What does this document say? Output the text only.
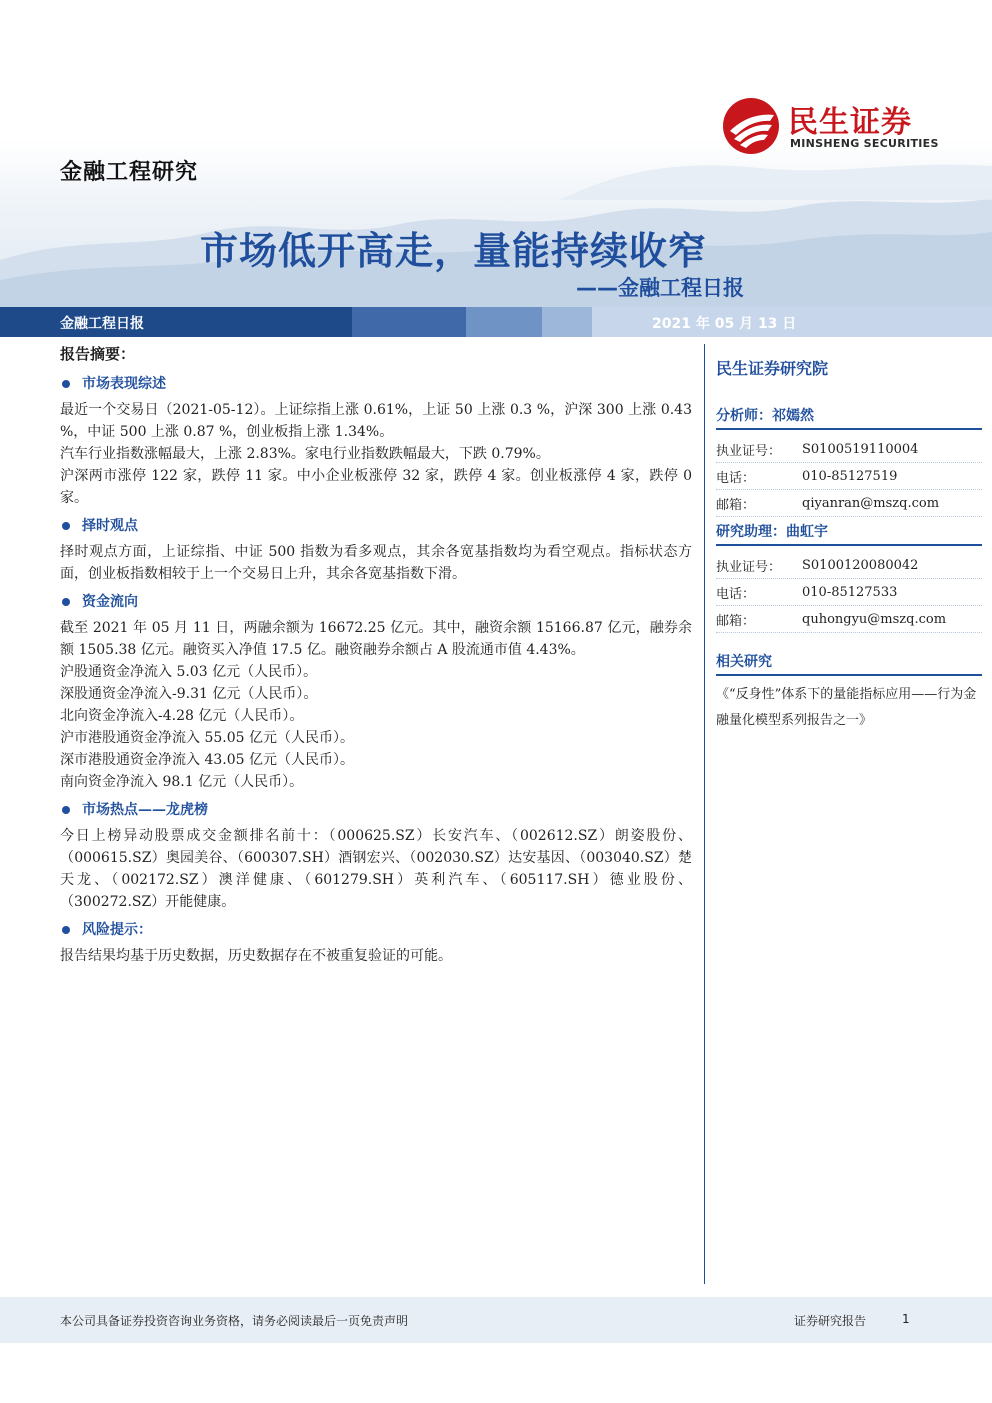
金融工程研究
民生证券
MINSHENG SECURITIES
市场低开高走，量能持续收窄
——金融工程日报
金融工程日报	2021 年 05 月 13 日
报告摘要：
市场表现综述

最近一个交易日（2021-05-12）。上证综指上涨 0.61%，上证 50 上涨 0.3 %，沪深 300 上涨 0.43 %，中证 500 上涨 0.87 %，创业板指上涨 1.34%。

汽车行业指数涨幅最大，上涨 2.83%。家电行业指数跌幅最大，下跌 0.79%。

沪深两市涨停 122 家，跌停 11 家。中小企业板涨停 32 家，跌停 4 家。创业板涨停 4 家，跌停 0 家。

择时观点

择时观点方面，上证综指、中证 500 指数为看多观点，其余各宽基指数均为看空观点。指标状态方面，创业板指数相较于上一个交易日上升，其余各宽基指数下滑。

资金流向

截至 2021 年 05 月 11 日，两融余额为 16672.25 亿元。其中，融资余额 15166.87 亿元，融券余额 1505.38 亿元。融资买入净值 17.5 亿。融资融券余额占 A 股流通市值 4.43%。

沪股通资金净流入 5.03 亿元（人民币）。

深股通资金净流入-9.31 亿元（人民币）。

北向资金净流入-4.28 亿元（人民币）。

沪市港股通资金净流入 55.05 亿元（人民币）。

深市港股通资金净流入 43.05 亿元（人民币）。

南向资金净流入 98.1 亿元（人民币）。

市场热点——龙虎榜

今日上榜异动股票成交金额排名前十：（000625.SZ）长安汽车、（002612.SZ）朗姿股份、（000615.SZ）奥园美谷、（600307.SH）酒钢宏兴、（002030.SZ）达安基因、（003040.SZ）楚天龙、（002172.SZ）澳洋健康、（601279.SH）英利汽车、（605117.SH）德业股份、（300272.SZ）开能健康。

风险提示：

报告结果均基于历史数据，历史数据存在不被重复验证的可能。

民生证券研究院
分析师：祁嫣然
执业证号：	S0100519110004
电话：	010-85127519
邮箱：	qiyanran@mszq.com
研究助理：曲虹宇
执业证号：	S0100120080042
电话：	010-85127533
邮箱：	quhongyu@mszq.com
相关研究
《“反身性”体系下的量能指标应用——行为金融量化模型系列报告之一》
本公司具备证券投资咨询业务资格，请务必阅读最后一页免责声明	证券研究报告	1
